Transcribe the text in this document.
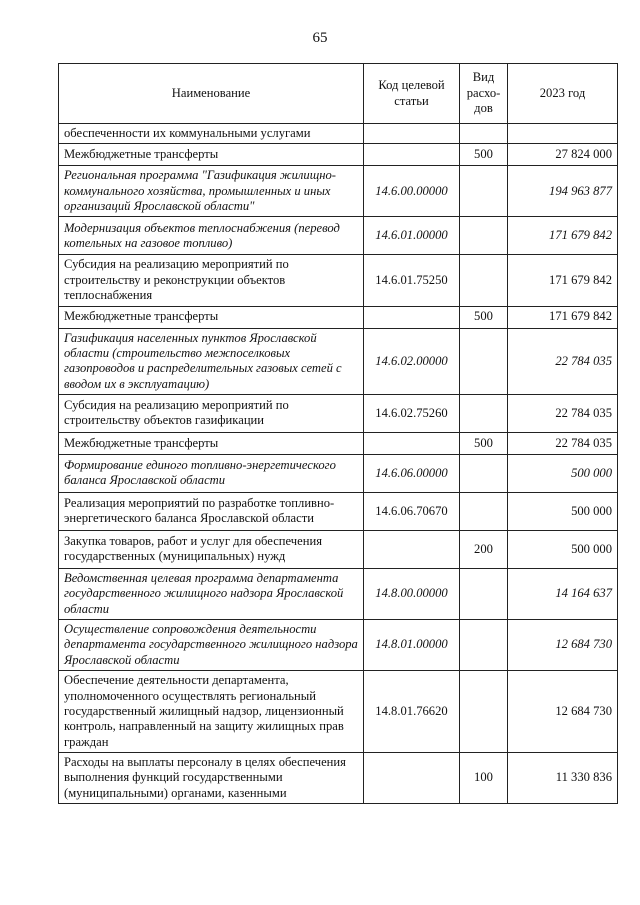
65
Наименование	Код целевой статьи	Вид расхо-дов	2023 год
обеспеченности их коммунальными услугами			
Межбюджетные трансферты		500	27 824 000
Региональная программа "Газификация жилищно-коммунального хозяйства, промышленных и иных организаций Ярославской области"	14.6.00.00000		194 963 877
Модернизация объектов теплоснабжения (перевод котельных на газовое топливо)	14.6.01.00000		171 679 842
Субсидия на реализацию мероприятий по строительству и реконструкции объектов теплоснабжения	14.6.01.75250		171 679 842
Межбюджетные трансферты		500	171 679 842
Газификация населенных пунктов Ярославской области (строительство межпоселковых газопроводов и распределительных газовых сетей с вводом их в эксплуатацию)	14.6.02.00000		22 784 035
Субсидия на реализацию мероприятий по строительству объектов газификации	14.6.02.75260		22 784 035
Межбюджетные трансферты		500	22 784 035
Формирование единого топливно-энергетического баланса Ярославской области	14.6.06.00000		500 000
Реализация мероприятий по разработке топливно-энергетического баланса Ярославской области	14.6.06.70670		500 000
Закупка товаров, работ и услуг для обеспечения государственных (муниципальных) нужд		200	500 000
Ведомственная целевая программа департамента государственного жилищного надзора Ярославской области	14.8.00.00000		14 164 637
Осуществление сопровождения деятельности департамента государственного жилищного надзора Ярославской области	14.8.01.00000		12 684 730
Обеспечение деятельности департамента, уполномоченного осуществлять региональный государственный жилищный надзор, лицензионный контроль, направленный на защиту жилищных прав граждан	14.8.01.76620		12 684 730
Расходы на выплаты персоналу в целях обеспечения выполнения функций государственными (муниципальными) органами, казенными		100	11 330 836
